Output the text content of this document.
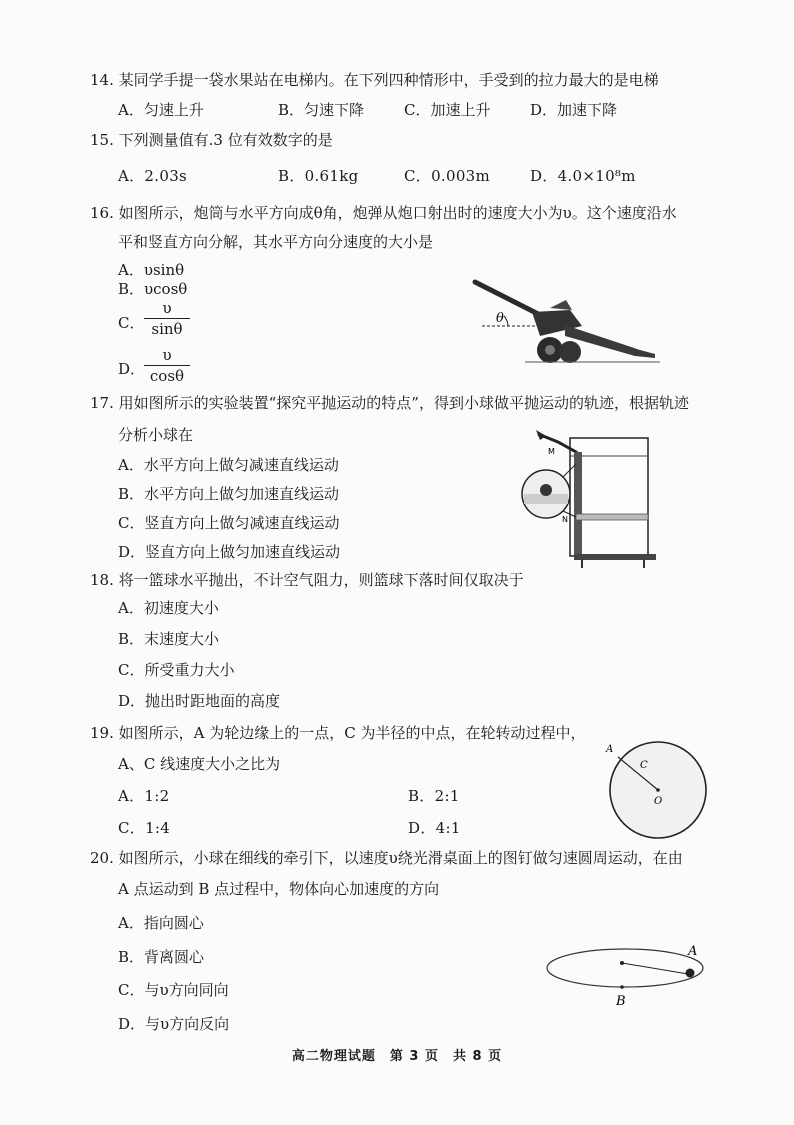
14. 某同学手提一袋水果站在电梯内。在下列四种情形中，手受到的拉力最大的是电梯
A．匀速上升	B．匀速下降	C．加速上升	D．加速下降
15. 下列测量值有.3 位有效数字的是
A．2.03s	B．0.61kg	C．0.003m	D．4.0×10⁸m
16. 如图所示，炮筒与水平方向成θ角，炮弹从炮口射出时的速度大小为υ。这个速度沿水
平和竖直方向分解，其水平方向分速度的大小是
A．υsinθ
B．υcosθ
C．
υ
sinθ
D．
υ
cosθ
θ
17. 用如图所示的实验装置“探究平抛运动的特点”，得到小球做平抛运动的轨迹，根据轨迹
分析小球在
A．水平方向上做匀减速直线运动
B．水平方向上做匀加速直线运动
C．竖直方向上做匀减速直线运动
D．竖直方向上做匀加速直线运动
M
N
18. 将一篮球水平抛出，不计空气阻力，则篮球下落时间仅取决于
A．初速度大小
B．末速度大小
C．所受重力大小
D．抛出时距地面的高度
19. 如图所示，A 为轮边缘上的一点，C 为半径的中点，在轮转动过程中，
A、C 线速度大小之比为
A．1:2	B．2:1
C．1:4	D．4:1
A
C
O
20. 如图所示，小球在细线的牵引下，以速度υ绕光滑桌面上的图钉做匀速圆周运动，在由
A 点运动到 B 点过程中，物体向心加速度的方向
A．指向圆心
B．背离圆心
C．与υ方向同向
D．与υ方向反向
A
B
高二物理试题　第 3 页　共 8 页
